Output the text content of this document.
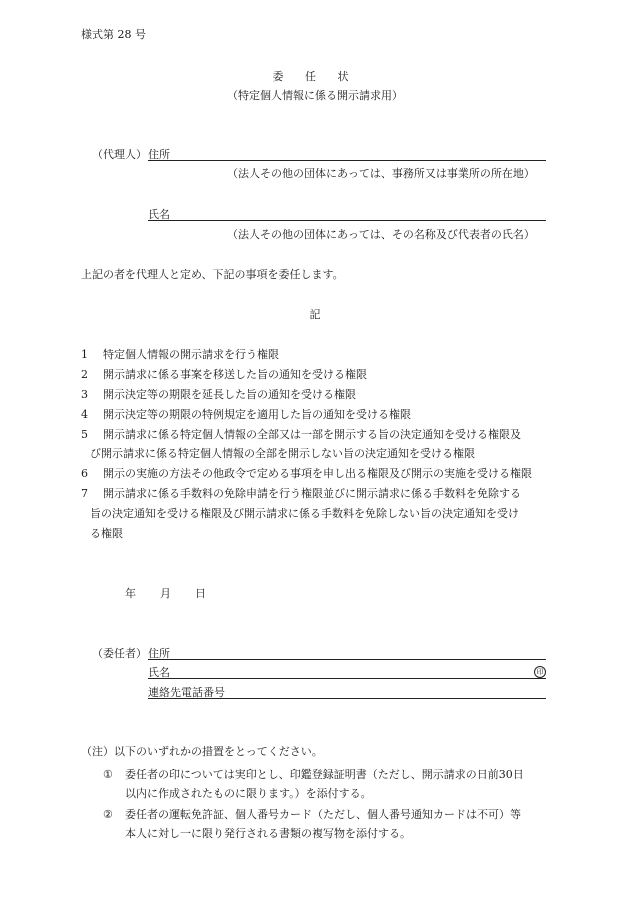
様式第 28 号
委 任 状
（特定個人情報に係る開示請求用）
（代理人） 住所
（法人その他の団体にあっては、事務所又は事業所の所在地）
氏名
（法人その他の団体にあっては、その名称及び代表者の氏名）
上記の者を代理人と定め、下記の事項を委任します。
記
1 特定個人情報の開示請求を行う権限
2 開示請求に係る事案を移送した旨の通知を受ける権限
3 開示決定等の期限を延長した旨の通知を受ける権限
4 開示決定等の期限の特例規定を適用した旨の通知を受ける権限
5 開示請求に係る特定個人情報の全部又は一部を開示する旨の決定通知を受ける権限及
び開示請求に係る特定個人情報の全部を開示しない旨の決定通知を受ける権限
6 開示の実施の方法その他政令で定める事項を申し出る権限及び開示の実施を受ける権限
7 開示請求に係る手数料の免除申請を行う権限並びに開示請求に係る手数料を免除する
旨の決定通知を受ける権限及び開示請求に係る手数料を免除しない旨の決定通知を受け
る権限
年 月 日
（委任者） 住所
氏名	印
連絡先電話番号
（注） 以下のいずれかの措置をとってください。
① 委任者の印については実印とし、印鑑登録証明書（ただし、開示請求の日前30日
以内に作成されたものに限ります。）を添付する。
② 委任者の運転免許証、個人番号カード（ただし、個人番号通知カードは不可）等
本人に対し一に限り発行される書類の複写物を添付する。
